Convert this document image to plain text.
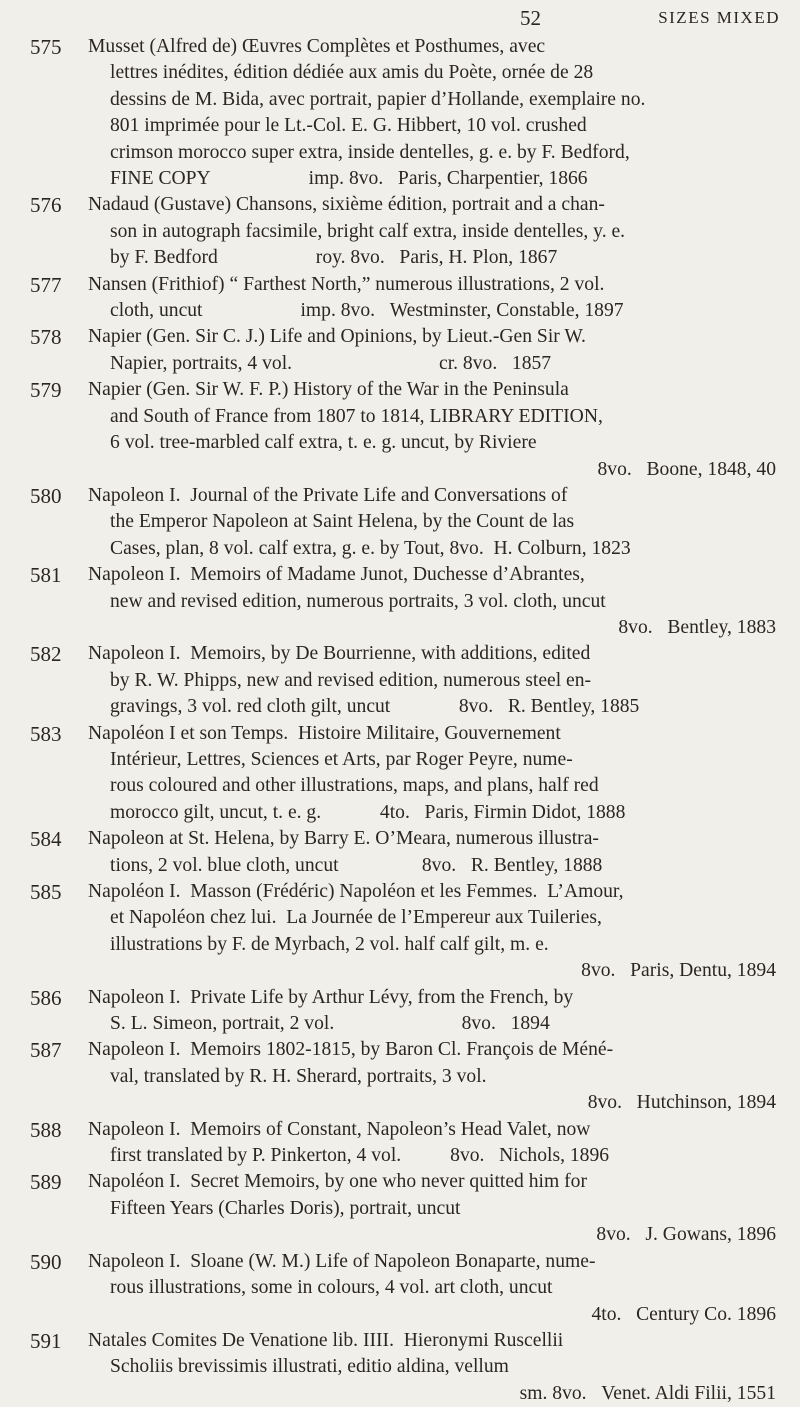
52	SIZES MIXED
575	Musset (Alfred de) Œuvres Complètes et Posthumes, avec
lettres inédites, édition dédiée aux amis du Poète, ornée de 28
dessins de M. Bida, avec portrait, papier d’Hollande, exemplaire no.
801 imprimée pour le Lt.-Col. E. G. Hibbert, 10 vol. crushed
crimson morocco super extra, inside dentelles, g. e. by F. Bedford,
FINE COPY                    imp. 8vo.   Paris, Charpentier, 1866
576	Nadaud (Gustave) Chansons, sixième édition, portrait and a chan-
son in autograph facsimile, bright calf extra, inside dentelles, y. e.
by F. Bedford                    roy. 8vo.   Paris, H. Plon, 1867
577	Nansen (Frithiof) “ Farthest North,” numerous illustrations, 2 vol.
cloth, uncut                    imp. 8vo.   Westminster, Constable, 1897
578	Napier (Gen. Sir C. J.) Life and Opinions, by Lieut.-Gen Sir W.
Napier, portraits, 4 vol.                              cr. 8vo.   1857
579	Napier (Gen. Sir W. F. P.) History of the War in the Peninsula
and South of France from 1807 to 1814, LIBRARY EDITION,
6 vol. tree-marbled calf extra, t. e. g. uncut, by Riviere
8vo.   Boone, 1848, 40
580	Napoleon I.  Journal of the Private Life and Conversations of
the Emperor Napoleon at Saint Helena, by the Count de las
Cases, plan, 8 vol. calf extra, g. e. by Tout, 8vo.  H. Colburn, 1823
581	Napoleon I.  Memoirs of Madame Junot, Duchesse d’Abrantes,
new and revised edition, numerous portraits, 3 vol. cloth, uncut
8vo.   Bentley, 1883
582	Napoleon I.  Memoirs, by De Bourrienne, with additions, edited
by R. W. Phipps, new and revised edition, numerous steel en-
gravings, 3 vol. red cloth gilt, uncut              8vo.   R. Bentley, 1885
583	Napoléon I et son Temps.  Histoire Militaire, Gouvernement
Intérieur, Lettres, Sciences et Arts, par Roger Peyre, nume-
rous coloured and other illustrations, maps, and plans, half red
morocco gilt, uncut, t. e. g.            4to.   Paris, Firmin Didot, 1888
584	Napoleon at St. Helena, by Barry E. O’Meara, numerous illustra-
tions, 2 vol. blue cloth, uncut                 8vo.   R. Bentley, 1888
585	Napoléon I.  Masson (Frédéric) Napoléon et les Femmes.  L’Amour,
et Napoléon chez lui.  La Journée de l’Empereur aux Tuileries,
illustrations by F. de Myrbach, 2 vol. half calf gilt, m. e.
8vo.   Paris, Dentu, 1894
586	Napoleon I.  Private Life by Arthur Lévy, from the French, by
S. L. Simeon, portrait, 2 vol.                          8vo.   1894
587	Napoleon I.  Memoirs 1802-1815, by Baron Cl. François de Méné-
val, translated by R. H. Sherard, portraits, 3 vol.
8vo.   Hutchinson, 1894
588	Napoleon I.  Memoirs of Constant, Napoleon’s Head Valet, now
first translated by P. Pinkerton, 4 vol.          8vo.   Nichols, 1896
589	Napoléon I.  Secret Memoirs, by one who never quitted him for
Fifteen Years (Charles Doris), portrait, uncut
8vo.   J. Gowans, 1896
590	Napoleon I.  Sloane (W. M.) Life of Napoleon Bonaparte, nume-
rous illustrations, some in colours, 4 vol. art cloth, uncut
4to.   Century Co. 1896
591	Natales Comites De Venatione lib. IIII.  Hieronymi Ruscellii
Scholiis brevissimis illustrati, editio aldina, vellum
sm. 8vo.   Venet. Aldi Filii, 1551
